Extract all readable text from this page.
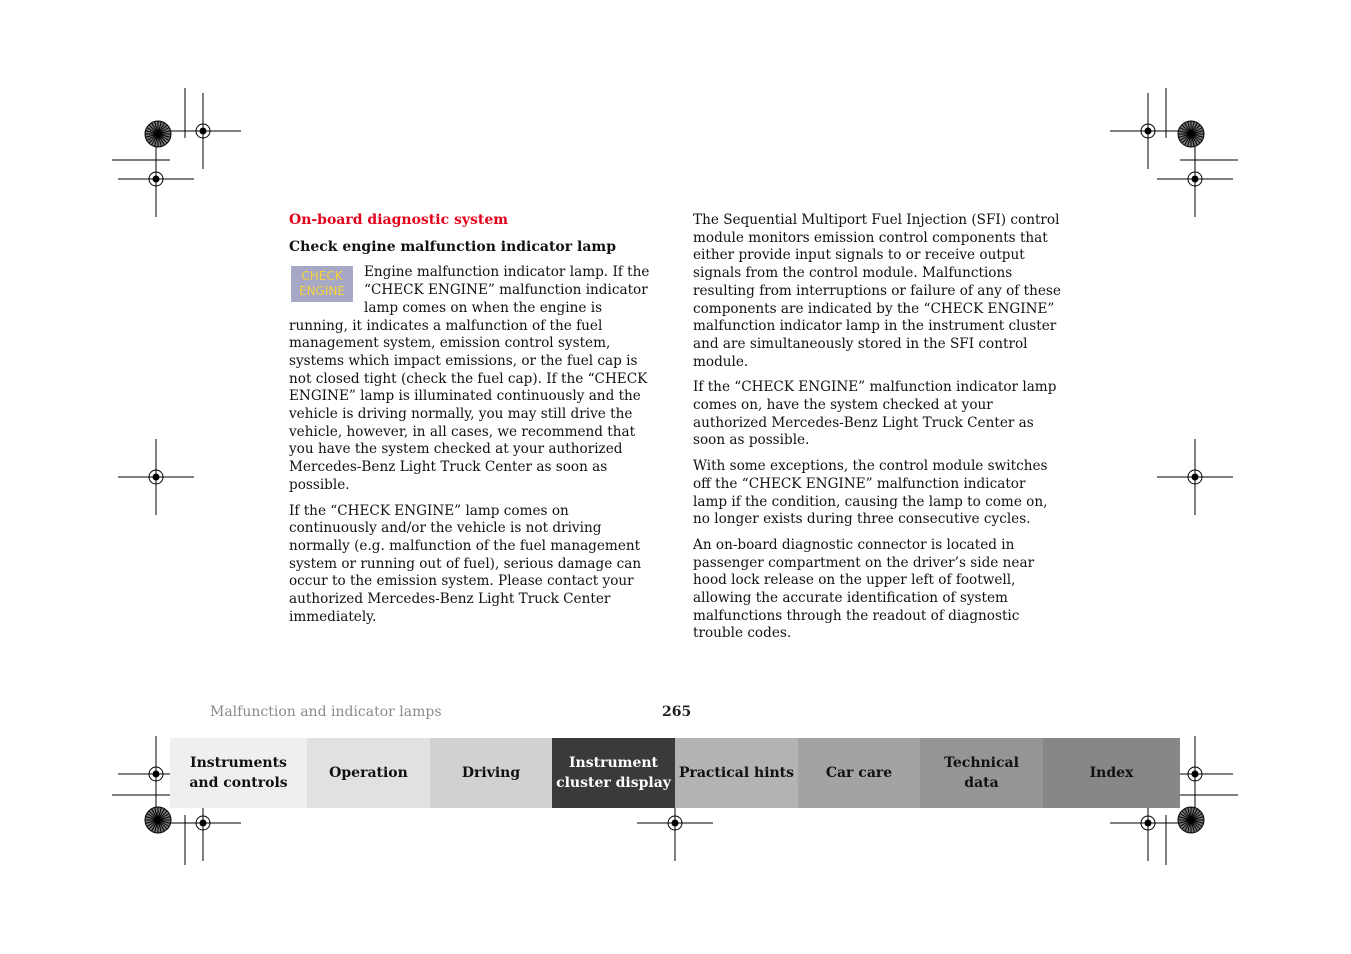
On-board diagnostic system
Check engine malfunction indicator lamp
CHECK
ENGINE

Engine malfunction indicator lamp. If the “CHECK ENGINE” malfunction indicator lamp comes on when the engine is running, it indicates a malfunction of the fuel management system, emission control system, systems which impact emissions, or the fuel cap is not closed tight (check the fuel cap). If the “CHECK ENGINE” lamp is illuminated continuously and the vehicle is driving normally, you may still drive the vehicle, however, in all cases, we recommend that you have the system checked at your authorized Mercedes-Benz Light Truck Center as soon as possible.

If the “CHECK ENGINE” lamp comes on continuously and/or the vehicle is not driving normally (e.g. malfunction of the fuel management system or running out of fuel), serious damage can occur to the emission system. Please contact your authorized Mercedes-Benz Light Truck Center immediately.

The Sequential Multiport Fuel Injection (SFI) control module monitors emission control components that either provide input signals to or receive output signals from the control module. Malfunctions resulting from interruptions or failure of any of these components are indicated by the “CHECK ENGINE” malfunction indicator lamp in the instrument cluster and are simultaneously stored in the SFI control module.

If the “CHECK ENGINE” malfunction indicator lamp comes on, have the system checked at your authorized Mercedes-Benz Light Truck Center as soon as possible.

With some exceptions, the control module switches off the “CHECK ENGINE” malfunction indicator lamp if the condition, causing the lamp to come on, no longer exists during three consecutive cycles.

An on-board diagnostic connector is located in passenger compartment on the driver’s side near hood lock release on the upper left of footwell, allowing the accurate identification of system malfunctions through the readout of diagnostic trouble codes.

Malfunction and indicator lamps	265
Instruments
and controls
Operation	Driving
Instrument
cluster display
Practical hints Car care
Technical
data
Index
